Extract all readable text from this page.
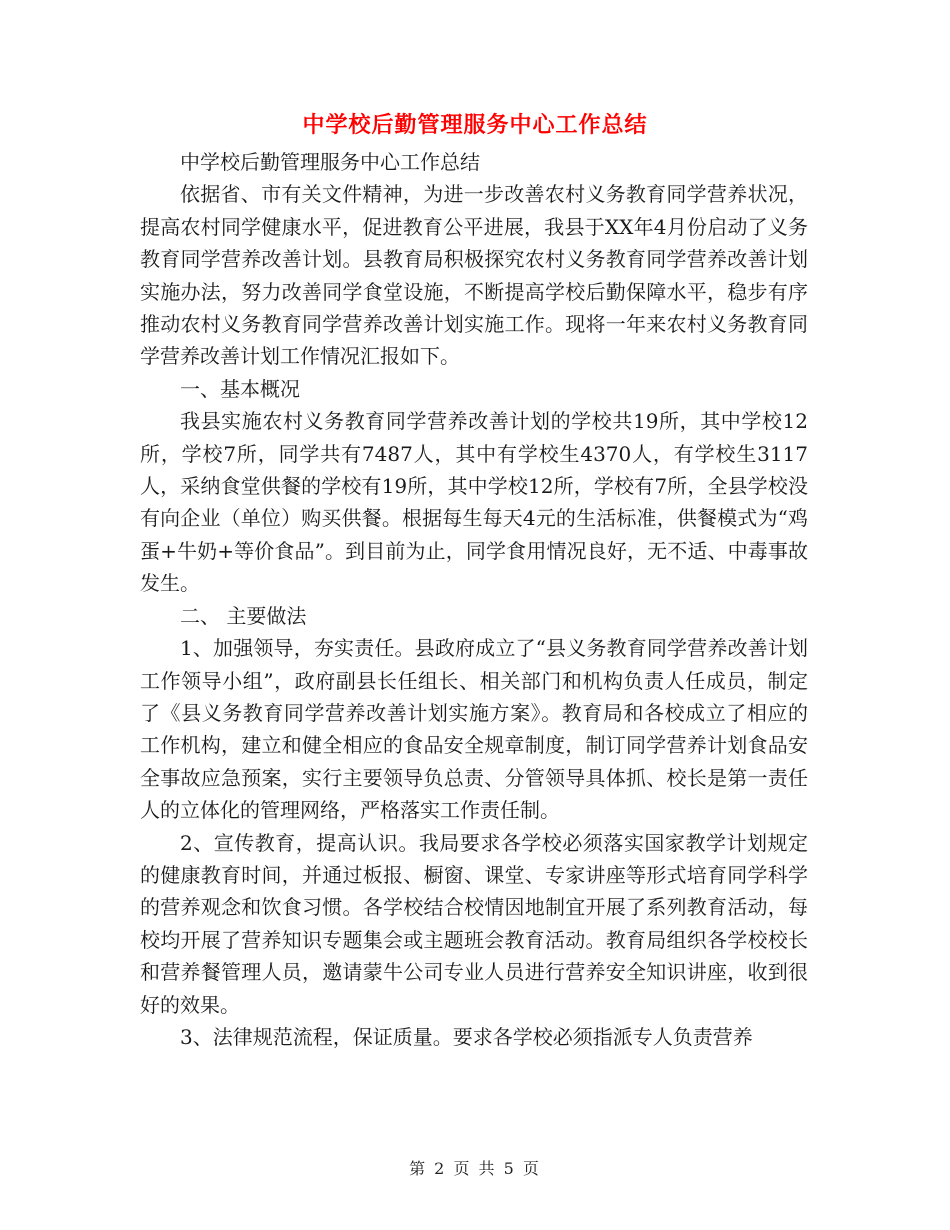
中学校后勤管理服务中心工作总结

中学校后勤管理服务中心工作总结

依据省、市有关文件精神，为进一步改善农村义务教育同学营养状况，提高农村同学健康水平，促进教育公平进展，我县于XX年4月份启动了义务教育同学营养改善计划。县教育局积极探究农村义务教育同学营养改善计划实施办法，努力改善同学食堂设施，不断提高学校后勤保障水平，稳步有序推动农村义务教育同学营养改善计划实施工作。现将一年来农村义务教育同学营养改善计划工作情况汇报如下。

一、基本概况

我县实施农村义务教育同学营养改善计划的学校共19所，其中学校12所，学校7所，同学共有7487人，其中有学校生4370人，有学校生3117人，采纳食堂供餐的学校有19所，其中学校12所，学校有7所，全县学校没有向企业（单位）购买供餐。根据每生每天4元的生活标准，供餐模式为“鸡蛋+牛奶+等价食品”。到目前为止，同学食用情况良好，无不适、中毒事故发生。

二、 主要做法

1、加强领导，夯实责任。县政府成立了“县义务教育同学营养改善计划工作领导小组”，政府副县长任组长、相关部门和机构负责人任成员，制定了《县义务教育同学营养改善计划实施方案》。教育局和各校成立了相应的工作机构，建立和健全相应的食品安全规章制度，制订同学营养计划食品安全事故应急预案，实行主要领导负总责、分管领导具体抓、校长是第一责任人的立体化的管理网络，严格落实工作责任制。

2、宣传教育，提高认识。我局要求各学校必须落实国家教学计划规定的健康教育时间，并通过板报、橱窗、课堂、专家讲座等形式培育同学科学的营养观念和饮食习惯。各学校结合校情因地制宜开展了系列教育活动，每校均开展了营养知识专题集会或主题班会教育活动。教育局组织各学校校长和营养餐管理人员，邀请蒙牛公司专业人员进行营养安全知识讲座，收到很好的效果。

3、法律规范流程，保证质量。要求各学校必须指派专人负责营养

第 2 页 共 5 页
